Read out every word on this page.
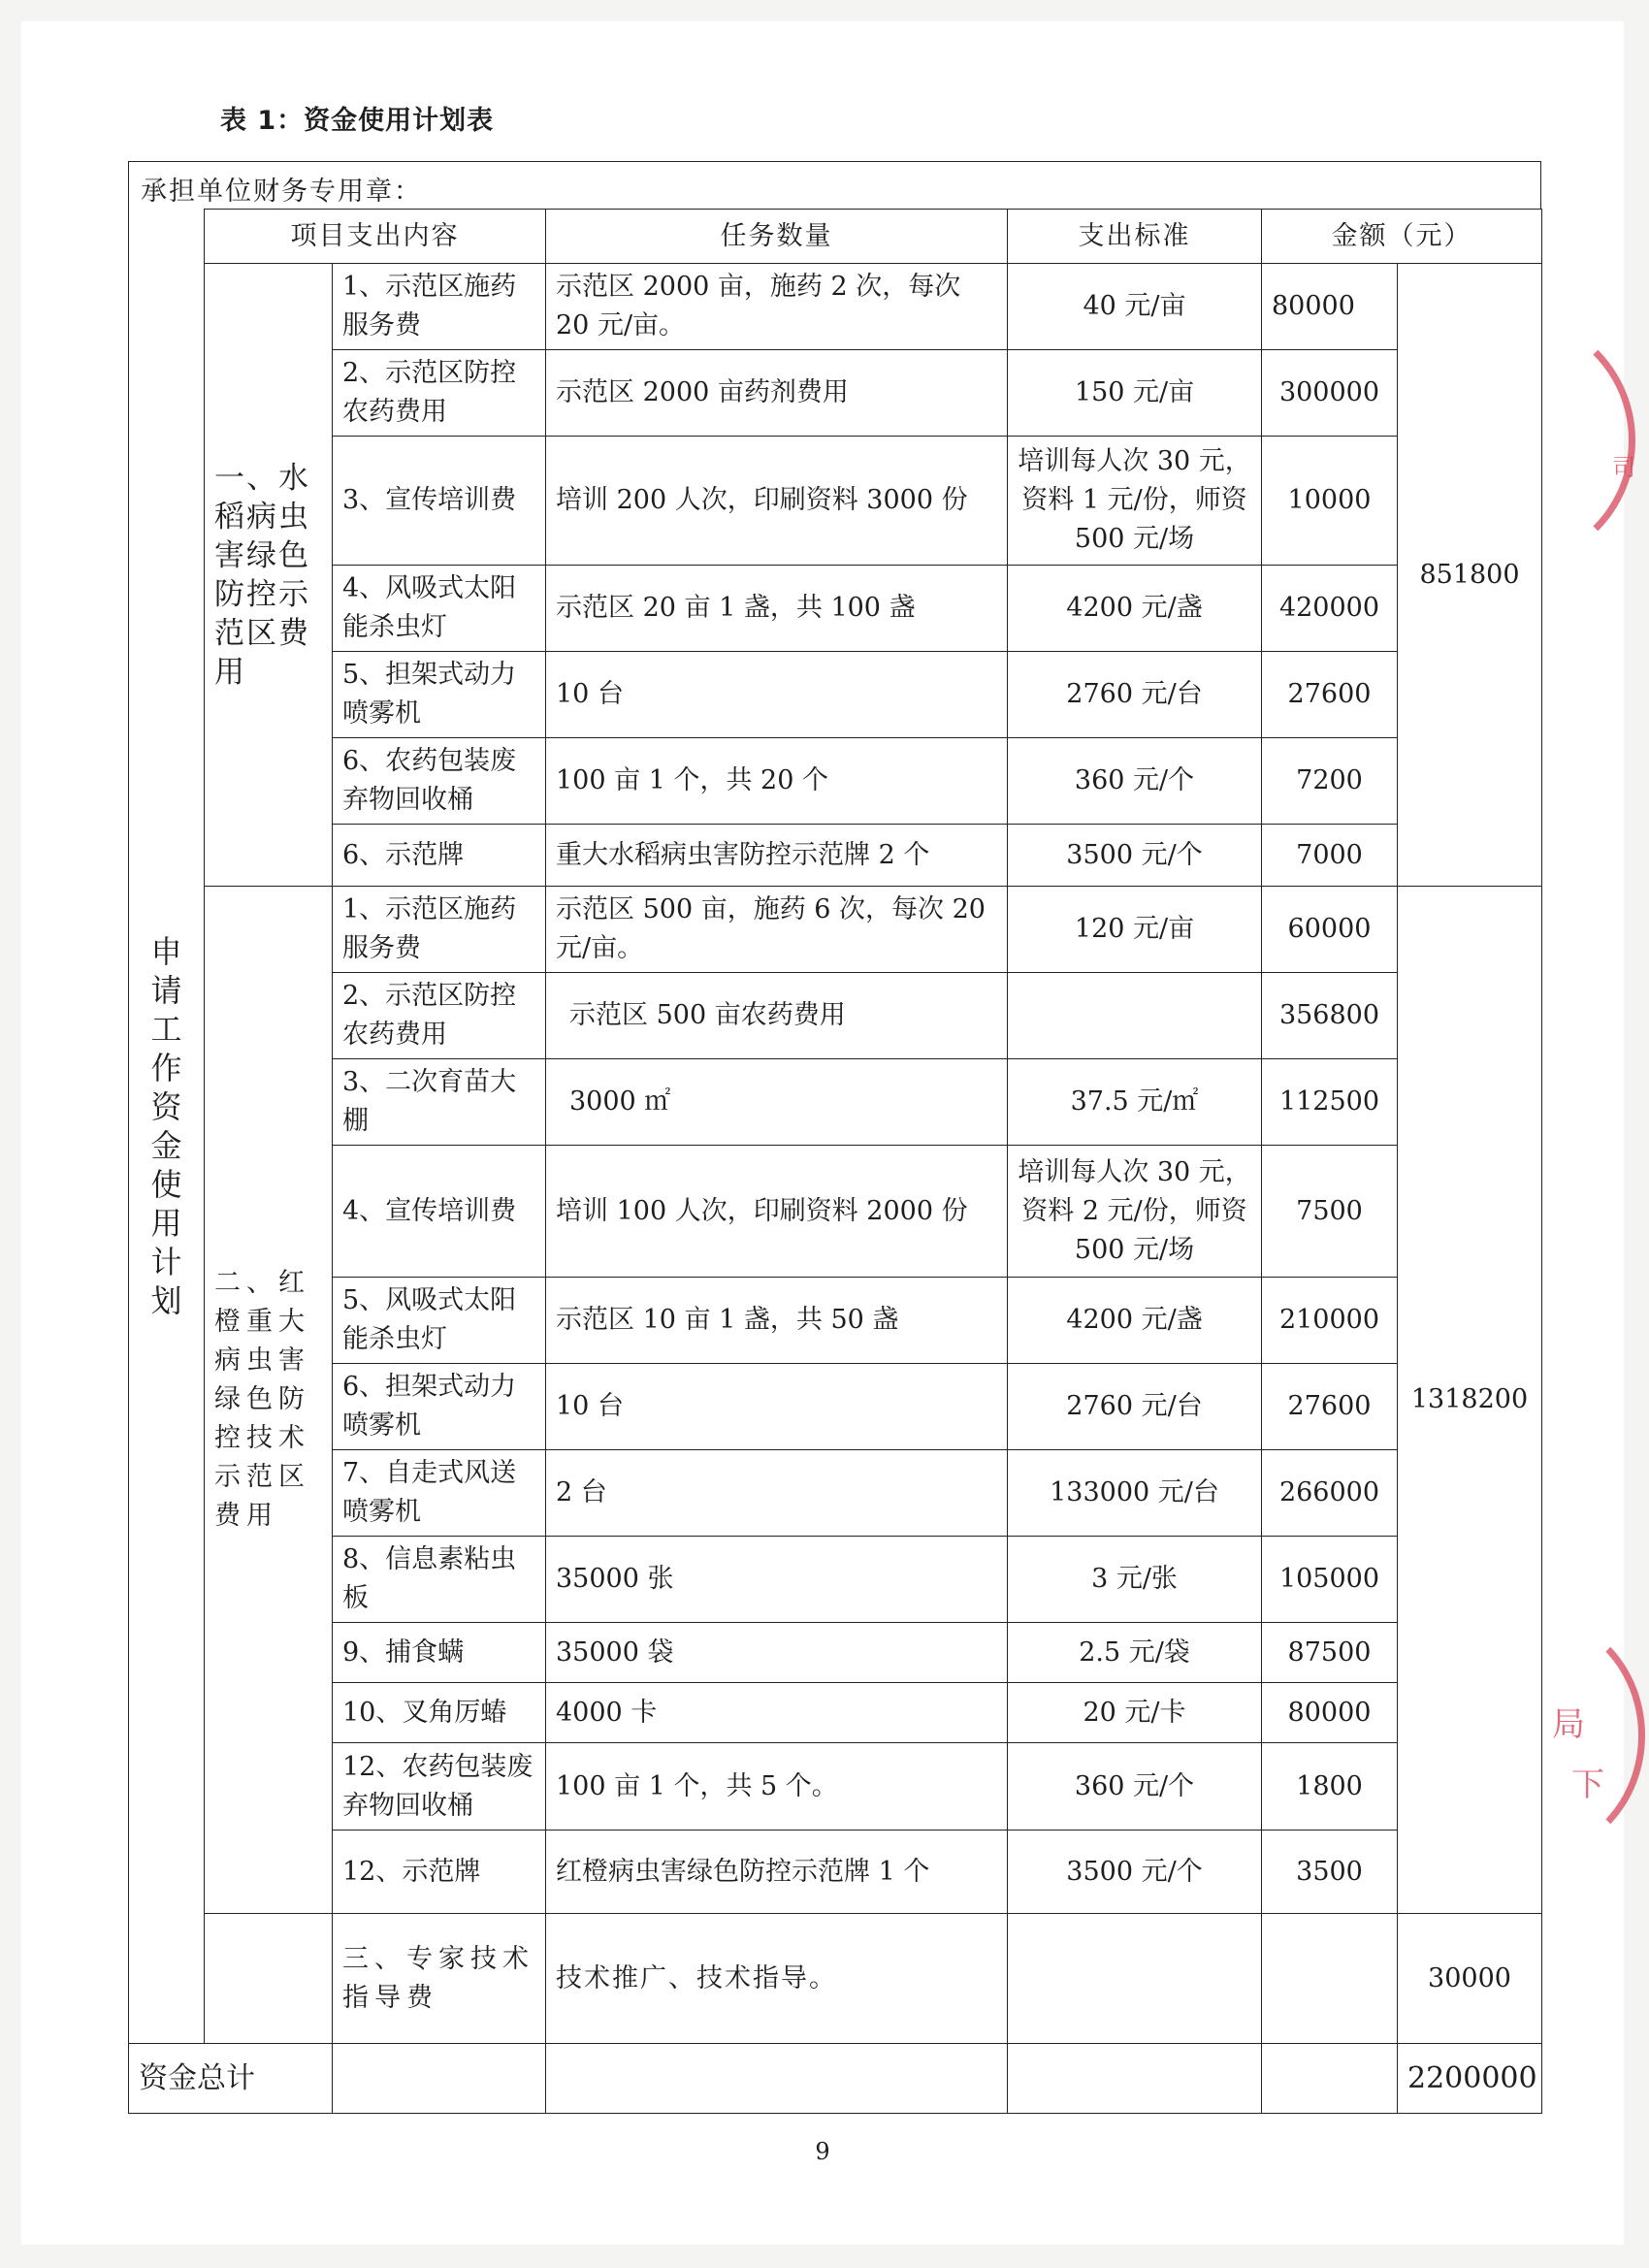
表 1：资金使用计划表
承担单位财务专用章：
申请工作资金使用计划	项目支出内容		任务数量	支出标准	金额（元）		
	一、水稻病虫害绿色防控示范区费用	1、示范区施药服务费	示范区 2000 亩，施药 2 次，每次 20 元/亩。	40 元/亩	80000	851800	
		2、示范区防控农药费用	示范区 2000 亩药剂费用	150 元/亩	300000		
		3、宣传培训费	培训 200 人次，印刷资料 3000 份	培训每人次 30 元，资料 1 元/份，师资 500 元/场	10000		
		4、风吸式太阳能杀虫灯	示范区 20 亩 1 盏，共 100 盏	4200 元/盏	420000		
		5、担架式动力喷雾机	10 台	2760 元/台	27600		
		6、农药包装废弃物回收桶	100 亩 1 个，共 20 个	360 元/个	7200		
		6、示范牌	重大水稻病虫害防控示范牌 2 个	3500 元/个	7000		
	二、红橙重大病虫害绿色防控技术示范区费用	1、示范区施药服务费	示范区 500 亩，施药 6 次，每次 20 元/亩。	120 元/亩	60000	1318200	
		2、示范区防控农药费用	示范区 500 亩农药费用		356800		
		3、二次育苗大棚	3000 ㎡	37.5 元/㎡	112500		
		4、宣传培训费	培训 100 人次，印刷资料 2000 份	培训每人次 30 元，资料 2 元/份，师资 500 元/场	7500		
		5、风吸式太阳能杀虫灯	示范区 10 亩 1 盏，共 50 盏	4200 元/盏	210000		
		6、担架式动力喷雾机	10 台	2760 元/台	27600		
		7、自走式风送喷雾机	2 台	133000 元/台	266000		
		8、信息素粘虫板	35000 张	3 元/张	105000		
		9、捕食螨	35000 袋	2.5 元/袋	87500		
		10、叉角厉蝽	4000 卡	20 元/卡	80000		
		12、农药包装废弃物回收桶	100 亩 1 个，共 5 个。	360 元/个	1800		
		12、示范牌	红橙病虫害绿色防控示范牌 1 个	3500 元/个	3500		
		三、专家技术指导费	技术推广、技术指导。			30000	
资金总计						2200000	
9
司
局
下
